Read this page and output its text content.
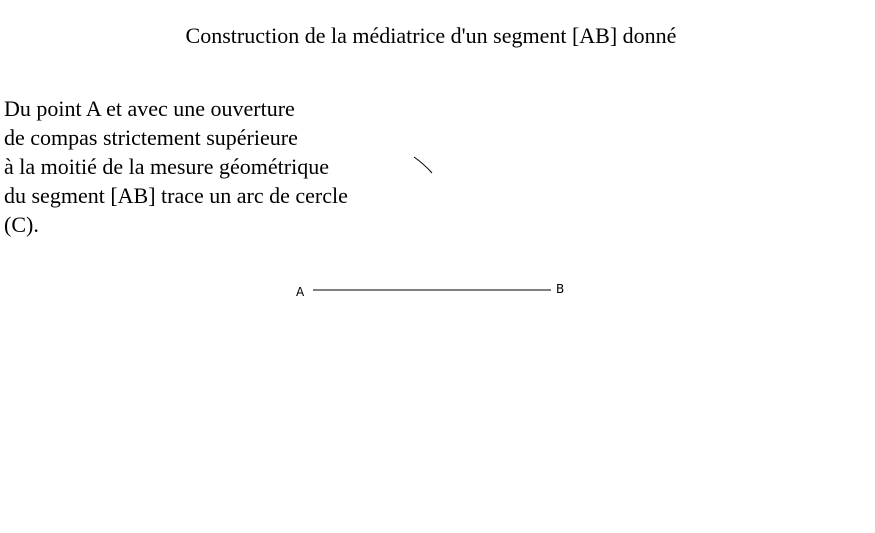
Construction de la médiatrice d'un segment [AB] donné
Du point A et avec une ouverture
de compas strictement supérieure
à la moitié de la mesure géométrique
du segment [AB] trace un arc de cercle
(C).
A	B
